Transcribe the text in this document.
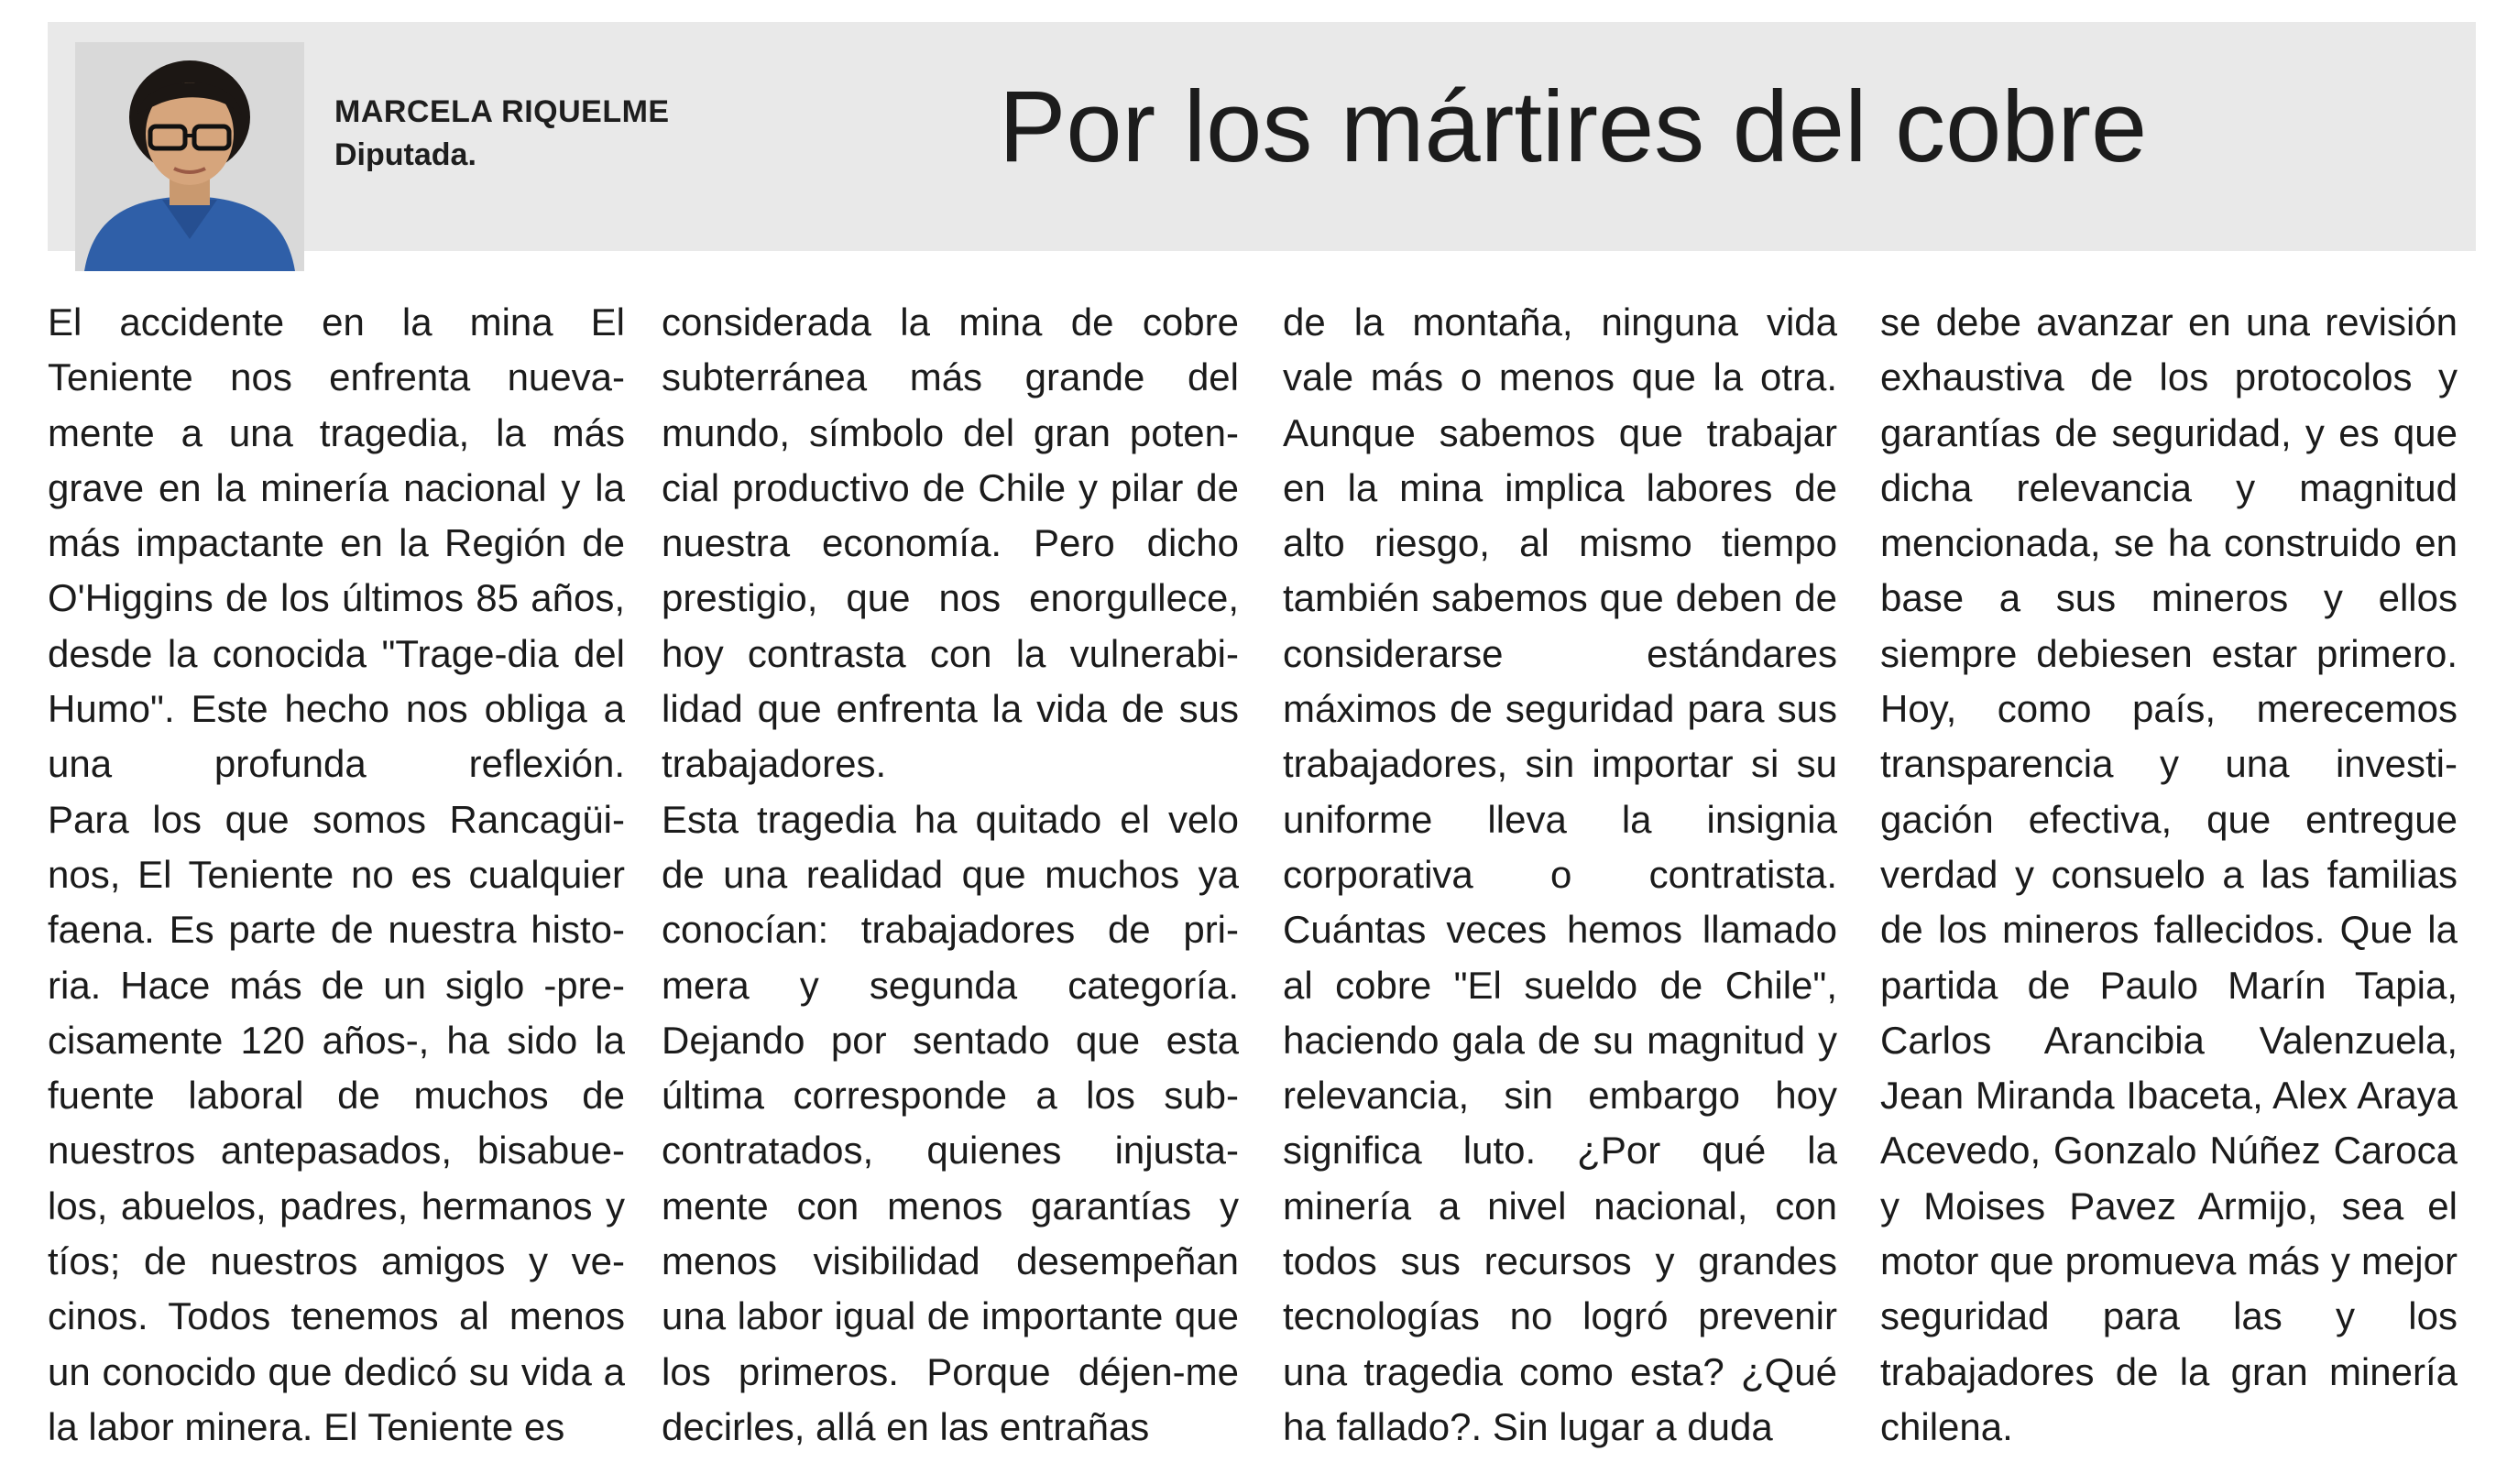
MARCELA RIQUELME
Diputada.	Por los mártires del cobre

El accidente en la mina El Teniente nos enfrenta nueva-mente a una tragedia, la más grave en la minería nacional y la más impactante en la Región de O'Higgins de los últimos 85 años, desde la conocida "Trage-dia del Humo". Este hecho nos obliga a una profunda reflexión.

Para los que somos Rancagüi-nos, El Teniente no es cualquier faena. Es parte de nuestra histo-ria. Hace más de un siglo -pre-cisamente 120 años-, ha sido la fuente laboral de muchos de nuestros antepasados, bisabue-los, abuelos, padres, hermanos y tíos; de nuestros amigos y ve-cinos. Todos tenemos al menos un conocido que dedicó su vida a la labor minera. El Teniente es

considerada la mina de cobre subterránea más grande del mundo, símbolo del gran poten-cial productivo de Chile y pilar de nuestra economía. Pero dicho prestigio, que nos enorgullece, hoy contrasta con la vulnerabi-lidad que enfrenta la vida de sus trabajadores.

Esta tragedia ha quitado el velo de una realidad que muchos ya conocían: trabajadores de pri-mera y segunda categoría.

Dejando por sentado que esta última corresponde a los sub-contratados, quienes injusta-mente con menos garantías y menos visibilidad desempeñan una labor igual de importante que los primeros. Porque déjen-me decirles, allá en las entrañas

de la montaña, ninguna vida vale más o menos que la otra. Aunque sabemos que trabajar en la mina implica labores de alto riesgo, al mismo tiempo también sabemos que deben de considerarse estándares máximos de seguridad para sus trabajadores, sin importar si su uniforme lleva la insignia corporativa o contratista.

Cuántas veces hemos llamado al cobre "El sueldo de Chile", haciendo gala de su magnitud y relevancia, sin embargo hoy significa luto. ¿Por qué la minería a nivel nacional, con todos sus recursos y grandes tecnologías no logró prevenir una tragedia como esta? ¿Qué ha fallado?. Sin lugar a duda

se debe avanzar en una revisión exhaustiva de los protocolos y garantías de seguridad, y es que dicha relevancia y magnitud mencionada, se ha construido en base a sus mineros y ellos siempre debiesen estar primero.

Hoy, como país, merecemos transparencia y una investi-gación efectiva, que entregue verdad y consuelo a las familias de los mineros fallecidos. Que la partida de Paulo Marín Tapia, Carlos Arancibia Valenzuela, Jean Miranda Ibaceta, Alex Araya Acevedo, Gonzalo Núñez Caroca y Moises Pavez Armijo, sea el motor que promueva más y mejor seguridad para las y los trabajadores de la gran minería chilena.
